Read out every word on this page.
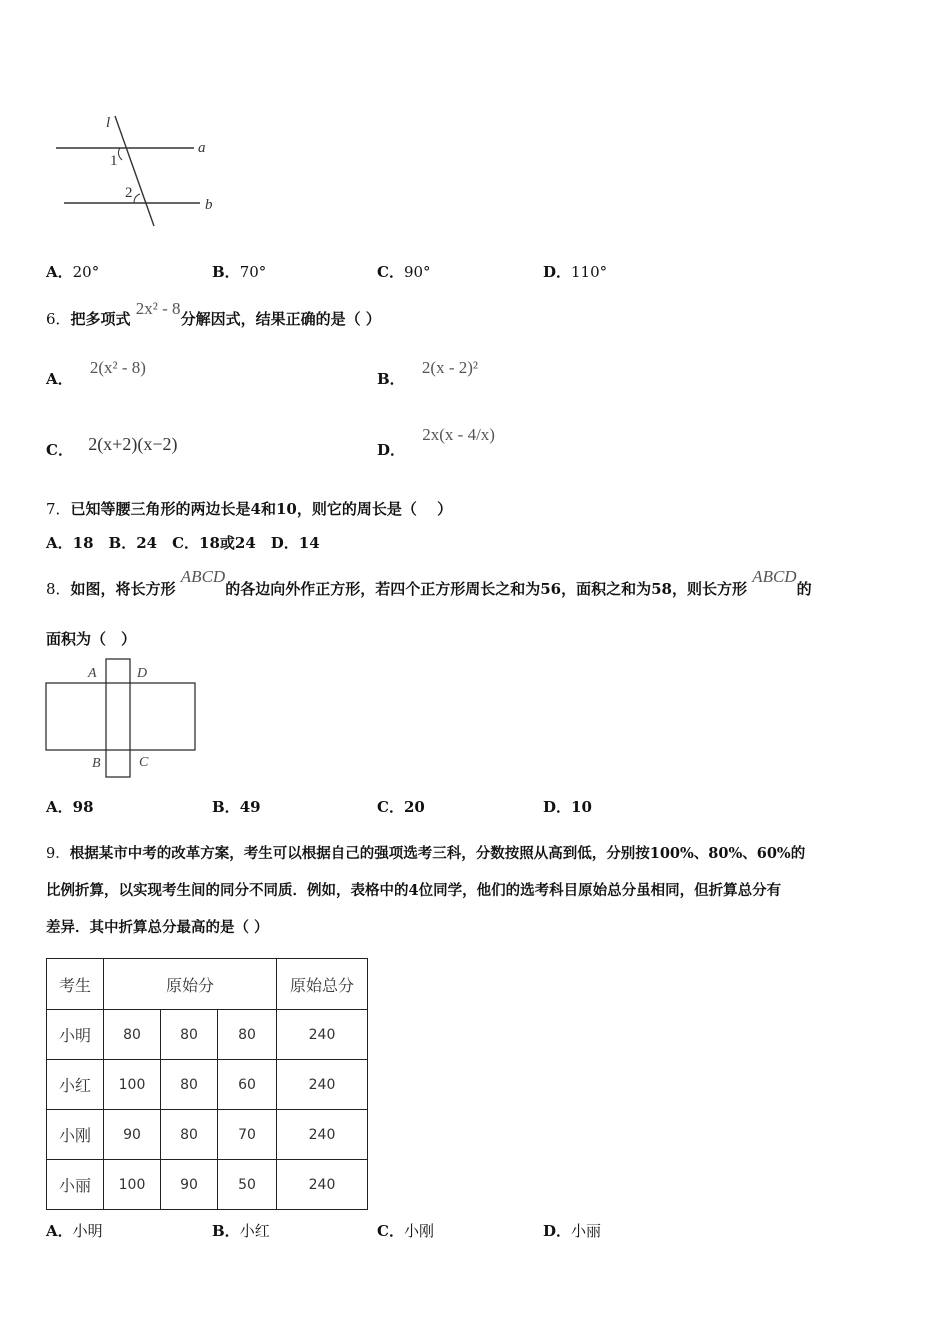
l
a
b
1
2
A．20°	B．70°	C．90°	D．110°
6．把多项式 2x² - 8分解因式，结果正确的是（ ）
A． 2(x² - 8)
B． 2(x - 2)²
C． 2(x+2)(x−2)	D． 2x(x - 4/x)
7．已知等腰三角形的两边长是4和10，则它的周长是（　 ）
A．18　B．24　C．18或24　D．14
8．如图，将长方形 ABCD的各边向外作正方形，若四个正方形周长之和为56，面积之和为58，则长方形 ABCD的
面积为（　）
A	D
B	C
A．98	B．49	C．20	D．10
9．根据某市中考的改革方案，考生可以根据自己的强项选考三科，分数按照从高到低，分别按100%、80%、60%的
比例折算，以实现考生间的同分不同质．例如，表格中的4位同学，他们的选考科目原始总分虽相同，但折算总分有
差异．其中折算总分最高的是（ ）
考生	原始分			原始总分
小明	80	80	80	240
小红	100	80	60	240
小刚	90	80	70	240
小丽	100	90	50	240
A．小明	B．小红	C．小刚	D．小丽
